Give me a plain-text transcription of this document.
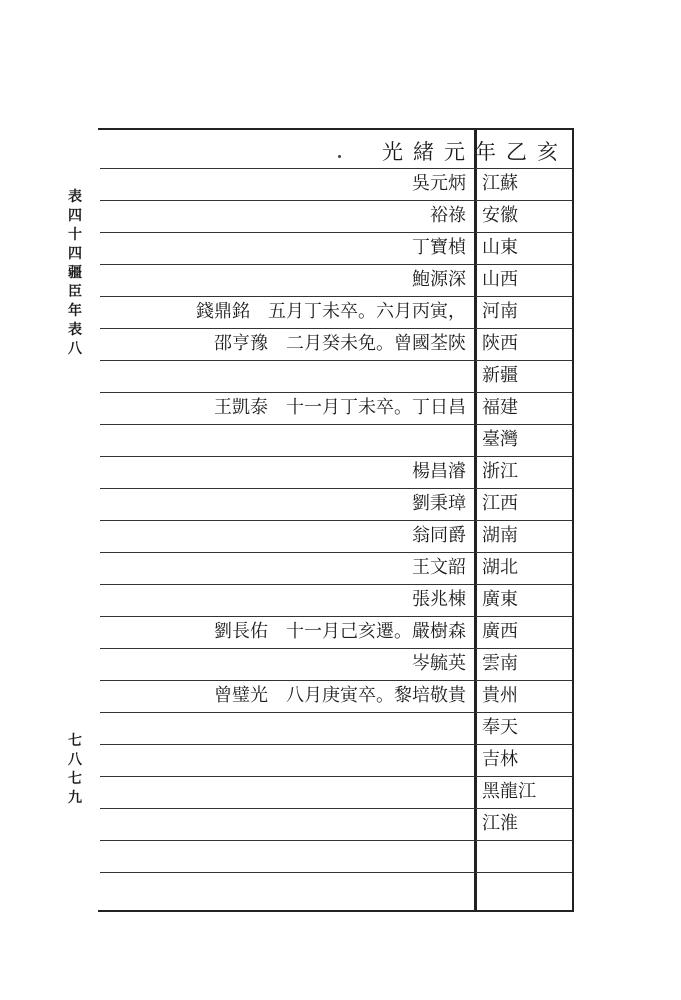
表四十四　疆臣年表八
七八七九
光緒元年乙亥
江蘇
吳元炳
安徽
裕祿
山東
丁寶楨
山西
鮑源深
河南
錢鼎銘　五月丁未卒。六月丙寅，
陝西
邵亨豫　二月癸未免。曾國荃陝
新疆
福建
王凱泰　十一月丁未卒。丁日昌
臺灣
浙江
楊昌濬
江西
劉秉璋
湖南
翁同爵
湖北
王文韶
廣東
張兆棟
廣西
劉長佑　十一月己亥遷。嚴樹森
雲南
岑毓英
貴州
曾璧光　八月庚寅卒。黎培敬貴
奉天
吉林
黑龍江
江淮
